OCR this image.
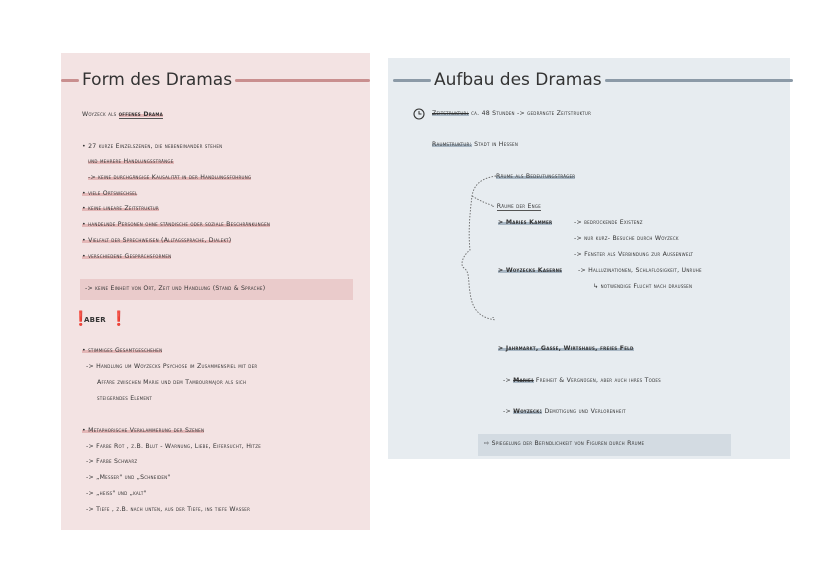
Form des Dramas
Woyzeck als offenes Drama
• 27 kurze Einzelszenen, die nebeneinander stehen
und mehrere Handlungsstränge
-> keine durchgängige Kausalität in der Handlungsführung
• viele Ortswechsel
• keine lineare Zeitstruktur
• handelnde Personen ohne ständische oder soziale Beschränkungen
• Vielfalt der Sprechweisen (Alltagssprache, Dialekt)
• verschiedene Gesprächsformen
-> keine Einheit von Ort, Zeit und Handlung (Stand & Sprache)
❗
ABER ❗
• stimmiges Gesamtgeschehen
-> Handlung um Woyzecks Psychose im Zusammenspiel mit der
Affäre zwischen Marie und dem Tambourmajor als sich
steigerndes Element
• Metaphorische Verklammerung der Szenen
-> Farbe Rot , z.B. Blut - Warnung, Liebe, Eifersucht, Hitze
-> Farbe Schwarz
-> „Messer" und „Schneiden"
-> „heiß" und „kalt"
-> Tiefe , z.B. nach unten, aus der Tiefe, ins tiefe Wasser
Aufbau des Dramas
Zeitstruktur: ca. 48 Stunden -> gedrängte Zeitstruktur
Raumstruktur: Stadt in Hessen
Räume als Bedeutungsträger
- Räume der Enge
> Maries Kammer	-> bedrückende Existenz
-> nur kurz- Besuche durch Woyzeck
-> Fenster als Verbindung zur Außenwelt
> Woyzecks Kaserne	-> Halluzinationen, Schlaflosigkeit, Unruhe
↳ notwendige Flucht nach draußen
-
> Jahrmarkt, Gasse, Wirtshaus, freies Feld
-> Marie: Freiheit & Vergnügen, aber auch ihres Todes
-> Woyzeck: Demütigung und Verlorenheit
⇨ Spiegelung der Befindlichkeit von Figuren durch Räume
